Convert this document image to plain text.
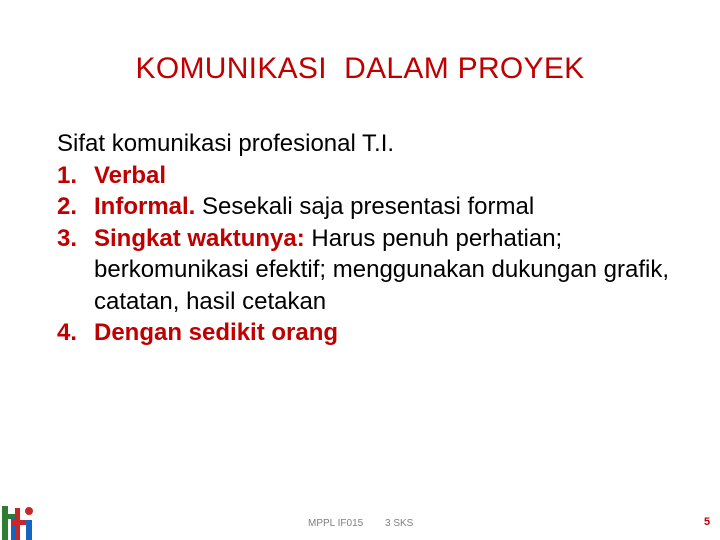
KOMUNIKASI  DALAM PROYEK
Sifat komunikasi profesional T.I.
1. Verbal
2. Informal. Sesekali saja presentasi formal
3. Singkat waktunya: Harus penuh perhatian; berkomunikasi efektif; menggunakan dukungan grafik, catatan, hasil cetakan
4. Dengan sedikit orang
MPPL IF015 3 SKS	5
